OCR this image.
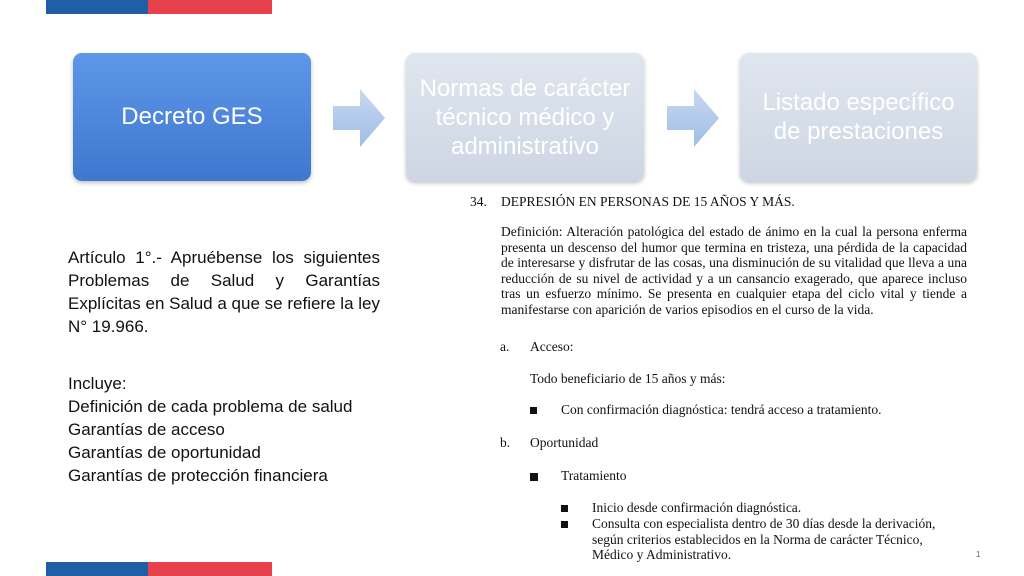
Decreto GES
Normas de carácter técnico médico y administrativo
Listado específico de prestaciones

Artículo 1°.- Apruébense los siguientes Problemas de Salud y Garantías Explícitas en Salud a que se refiere la ley N° 19.966.

Incluye:
Definición de cada problema de salud
Garantías de acceso
Garantías de oportunidad
Garantías de protección financiera
34. DEPRESIÓN EN PERSONAS DE 15 AÑOS Y MÁS.

Definición: Alteración patológica del estado de ánimo en la cual la persona enferma presenta un descenso del humor que termina en tristeza, una pérdida de la capacidad de interesarse y disfrutar de las cosas, una disminución de su vitalidad que lleva a una reducción de su nivel de actividad y a un cansancio exagerado, que aparece incluso tras un esfuerzo mínimo. Se presenta en cualquier etapa del ciclo vital y tiende a manifestarse con aparición de varios episodios en el curso de la vida.

a. Acceso:
Todo beneficiario de 15 años y más:
Con confirmación diagnóstica: tendrá acceso a tratamiento.
b. Oportunidad
Tratamiento
Inicio desde confirmación diagnóstica.
Consulta con especialista dentro de 30 días desde la derivación, según criterios establecidos en la Norma de carácter Técnico, Médico y Administrativo.	1
